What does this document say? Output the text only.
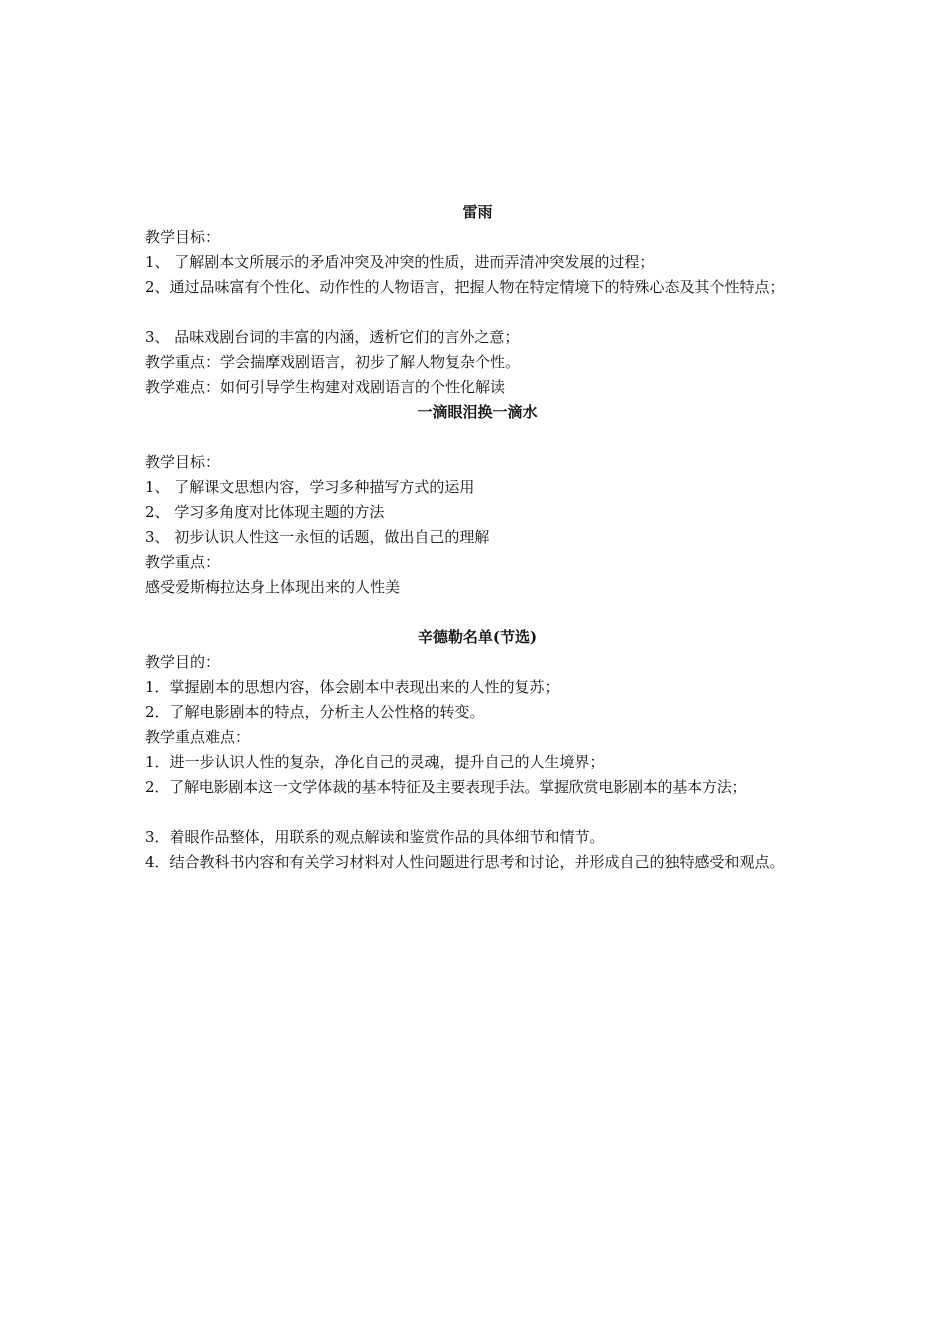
雷雨
教学目标：
1、 了解剧本文所展示的矛盾冲突及冲突的性质，进而弄清冲突发展的过程；
2、通过品味富有个性化、动作性的人物语言，把握人物在特定情境下的特殊心态及其个性特点；
3、 品味戏剧台词的丰富的内涵，透析它们的言外之意；
教学重点：学会揣摩戏剧语言，初步了解人物复杂个性。
教学难点：如何引导学生构建对戏剧语言的个性化解读
一滴眼泪换一滴水
教学目标：
1、 了解课文思想内容，学习多种描写方式的运用
2、 学习多角度对比体现主题的方法
3、 初步认识人性这一永恒的话题，做出自己的理解
教学重点：
感受爱斯梅拉达身上体现出来的人性美
辛德勒名单(节选)
教学目的：
1．掌握剧本的思想内容，体会剧本中表现出来的人性的复苏；
2．了解电影剧本的特点，分析主人公性格的转变。
教学重点难点：
1．进一步认识人性的复杂，净化自己的灵魂，提升自己的人生境界；
2．了解电影剧本这一文学体裁的基本特征及主要表现手法。掌握欣赏电影剧本的基本方法；
3．着眼作品整体，用联系的观点解读和鉴赏作品的具体细节和情节。
4．结合教科书内容和有关学习材料对人性问题进行思考和讨论，并形成自己的独特感受和观点。
